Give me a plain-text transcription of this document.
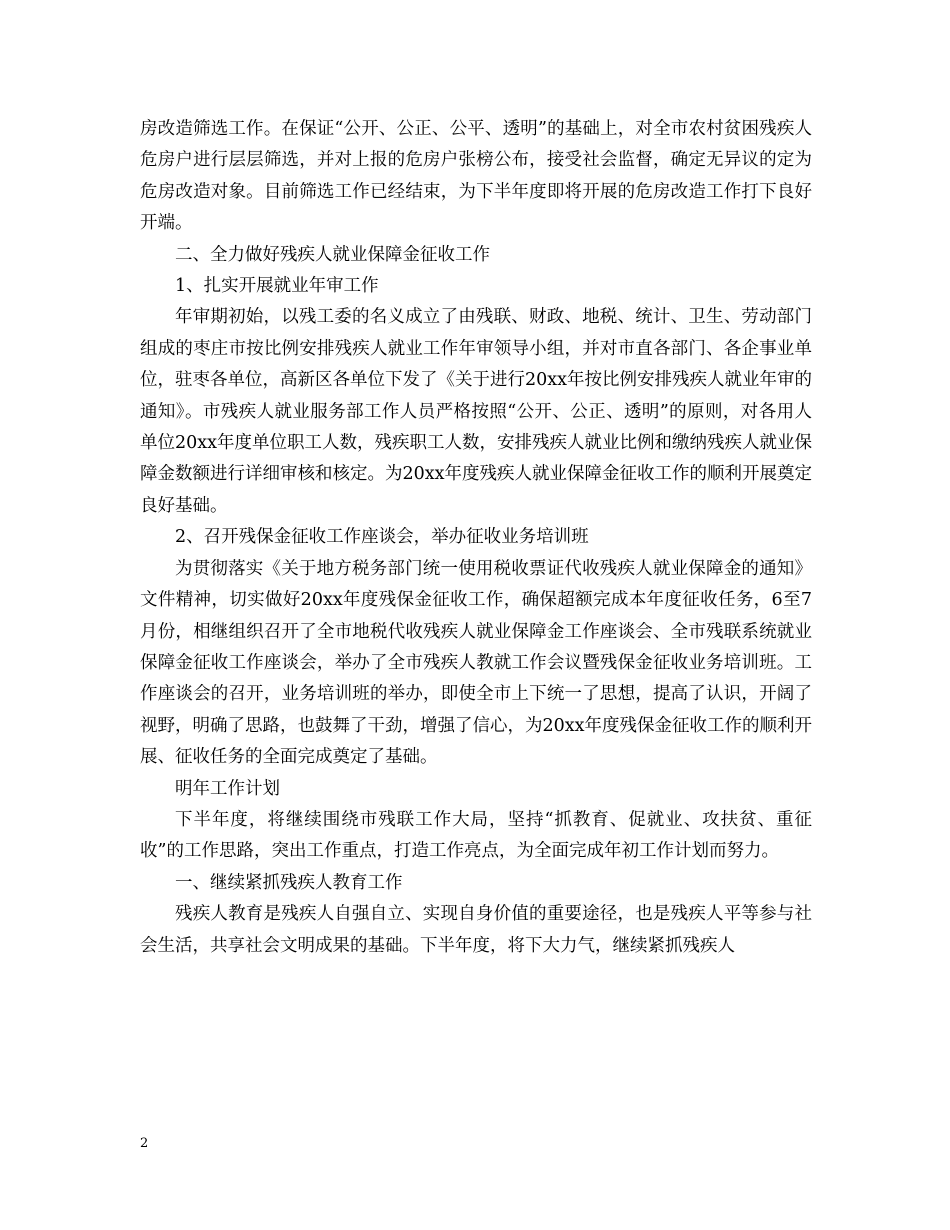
房改造筛选工作。在保证“公开、公正、公平、透明”的基础上，对全市农村贫困残疾人危房户进行层层筛选，并对上报的危房户张榜公布，接受社会监督，确定无异议的定为危房改造对象。目前筛选工作已经结束，为下半年度即将开展的危房改造工作打下良好开端。

二、全力做好残疾人就业保障金征收工作

1、扎实开展就业年审工作

年审期初始，以残工委的名义成立了由残联、财政、地税、统计、卫生、劳动部门组成的枣庄市按比例安排残疾人就业工作年审领导小组，并对市直各部门、各企事业单位，驻枣各单位，高新区各单位下发了《关于进行20xx年按比例安排残疾人就业年审的通知》。市残疾人就业服务部工作人员严格按照“公开、公正、透明”的原则，对各用人单位20xx年度单位职工人数，残疾职工人数，安排残疾人就业比例和缴纳残疾人就业保障金数额进行详细审核和核定。为20xx年度残疾人就业保障金征收工作的顺利开展奠定良好基础。

2、召开残保金征收工作座谈会，举办征收业务培训班

为贯彻落实《关于地方税务部门统一使用税收票证代收残疾人就业保障金的通知》文件精神，切实做好20xx年度残保金征收工作，确保超额完成本年度征收任务，6至7月份，相继组织召开了全市地税代收残疾人就业保障金工作座谈会、全市残联系统就业保障金征收工作座谈会，举办了全市残疾人教就工作会议暨残保金征收业务培训班。工作座谈会的召开，业务培训班的举办，即使全市上下统一了思想，提高了认识，开阔了视野，明确了思路，也鼓舞了干劲，增强了信心，为20xx年度残保金征收工作的顺利开展、征收任务的全面完成奠定了基础。

明年工作计划

下半年度，将继续围绕市残联工作大局，坚持“抓教育、促就业、攻扶贫、重征收”的工作思路，突出工作重点，打造工作亮点，为全面完成年初工作计划而努力。

一、继续紧抓残疾人教育工作

残疾人教育是残疾人自强自立、实现自身价值的重要途径，也是残疾人平等参与社会生活，共享社会文明成果的基础。下半年度，将下大力气，继续紧抓残疾人

2
